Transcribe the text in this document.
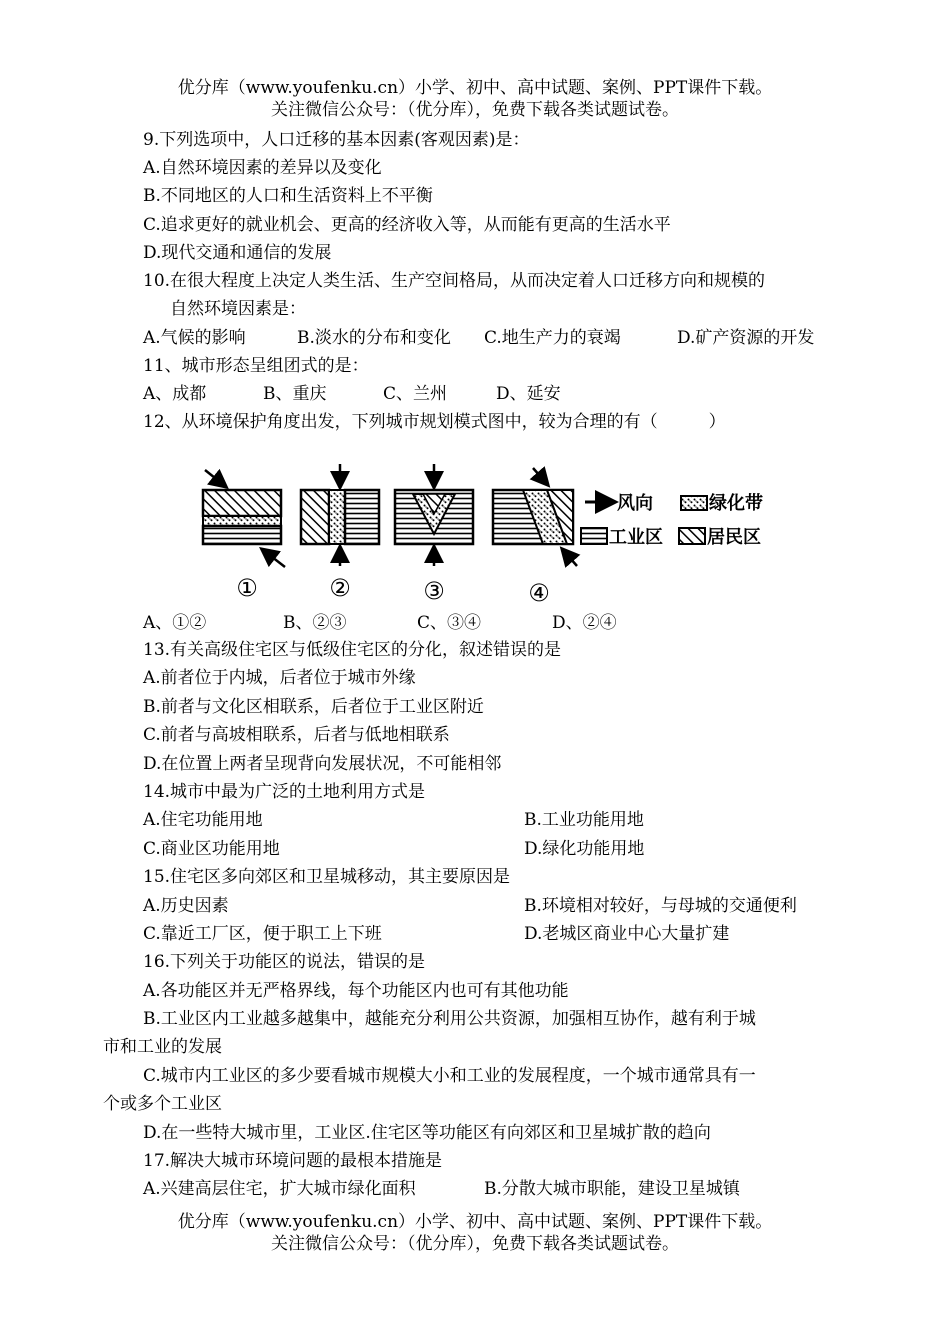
优分库（www.youfenku.cn）小学、初中、高中试题、案例、PPT课件下载。
关注微信公众号：（优分库），免费下载各类试题试卷。
9.下列选项中，人口迁移的基本因素(客观因素)是：
A.自然环境因素的差异以及变化
B.不同地区的人口和生活资料上不平衡
C.追求更好的就业机会、更高的经济收入等，从而能有更高的生活水平
D.现代交通和通信的发展
10.在很大程度上决定人类生活、生产空间格局，从而决定着人口迁移方向和规模的
自然环境因素是：
A.气候的影响	B.淡水的分布和变化 C.地生产力的衰竭	D.矿产资源的开发
11、城市形态呈组团式的是：
A、成都	B、重庆	C、兰州	D、延安
12、从环境保护角度出发，下列城市规划模式图中，较为合理的有（　　　）
①	②	③	④
风向	绿化带
工业区 居民区
A、①②	B、②③	C、③④	D、②④
13.有关高级住宅区与低级住宅区的分化，叙述错误的是
A.前者位于内城，后者位于城市外缘
B.前者与文化区相联系，后者位于工业区附近
C.前者与高坡相联系，后者与低地相联系
D.在位置上两者呈现背向发展状况，不可能相邻
14.城市中最为广泛的土地利用方式是
A.住宅功能用地	B.工业功能用地
C.商业区功能用地	D.绿化功能用地
15.住宅区多向郊区和卫星城移动，其主要原因是
A.历史因素	B.环境相对较好，与母城的交通便利
C.靠近工厂区，便于职工上下班	D.老城区商业中心大量扩建
16.下列关于功能区的说法，错误的是
A.各功能区并无严格界线，每个功能区内也可有其他功能
B.工业区内工业越多越集中，越能充分利用公共资源，加强相互协作，越有利于城
市和工业的发展
C.城市内工业区的多少要看城市规模大小和工业的发展程度，一个城市通常具有一
个或多个工业区
D.在一些特大城市里，工业区.住宅区等功能区有向郊区和卫星城扩散的趋向
17.解决大城市环境问题的最根本措施是
A.兴建高层住宅，扩大城市绿化面积	B.分散大城市职能，建设卫星城镇
优分库（www.youfenku.cn）小学、初中、高中试题、案例、PPT课件下载。
关注微信公众号：（优分库），免费下载各类试题试卷。
